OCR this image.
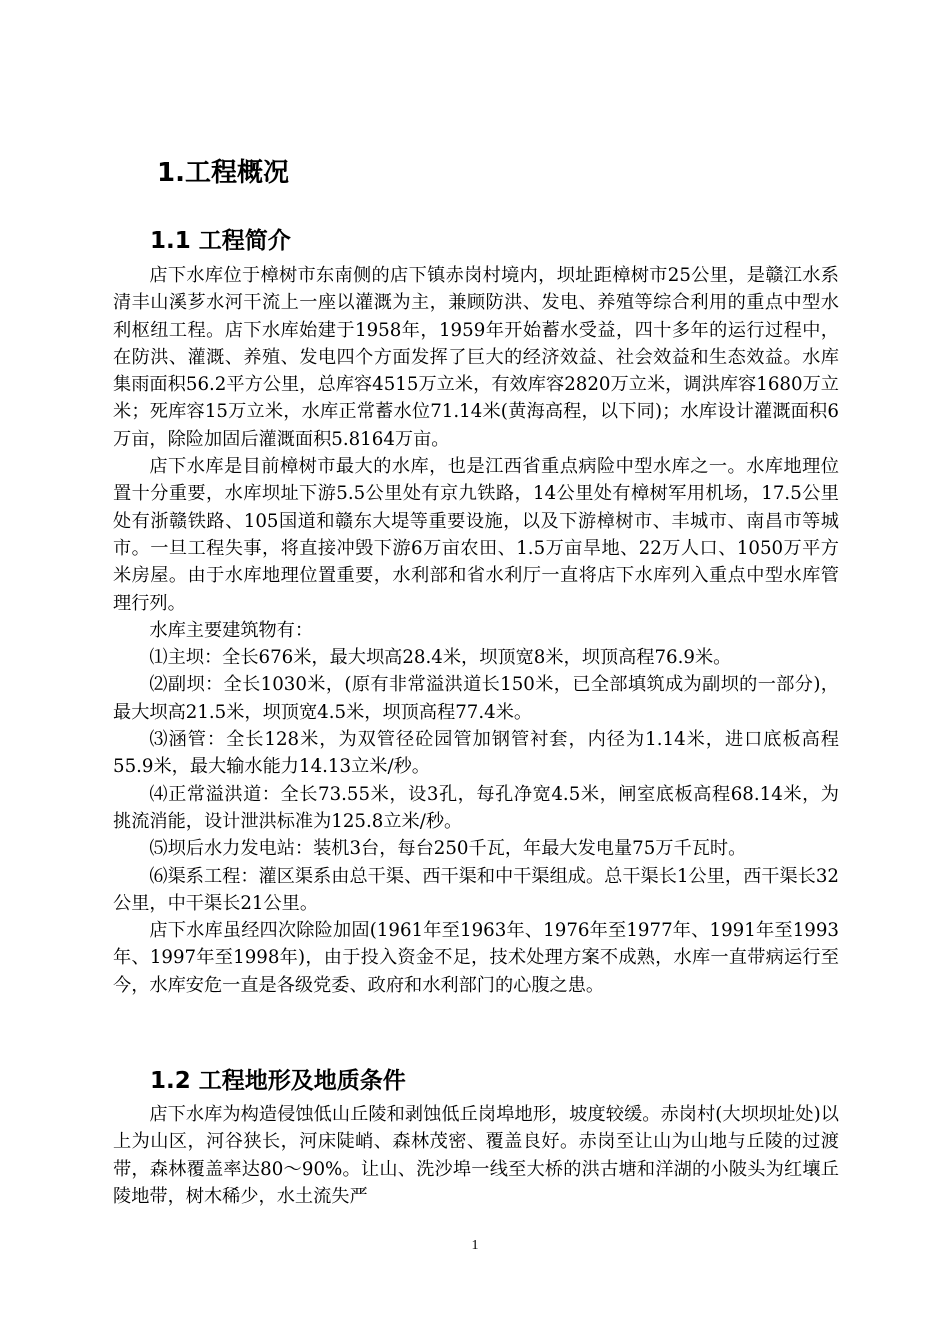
1.工程概况
1.1 工程简介

店下水库位于樟树市东南侧的店下镇赤岗村境内，坝址距樟树市25公里，是赣江水系清丰山溪芗水河干流上一座以灌溉为主，兼顾防洪、发电、养殖等综合利用的重点中型水利枢纽工程。店下水库始建于1958年，1959年开始蓄水受益，四十多年的运行过程中，在防洪、灌溉、养殖、发电四个方面发挥了巨大的经济效益、社会效益和生态效益。水库集雨面积56.2平方公里，总库容4515万立米，有效库容2820万立米，调洪库容1680万立米；死库容15万立米，水库正常蓄水位71.14米(黄海高程，以下同)；水库设计灌溉面积6万亩，除险加固后灌溉面积5.8164万亩。

店下水库是目前樟树市最大的水库，也是江西省重点病险中型水库之一。水库地理位置十分重要，水库坝址下游5.5公里处有京九铁路，14公里处有樟树军用机场，17.5公里处有浙赣铁路、105国道和赣东大堤等重要设施，以及下游樟树市、丰城市、南昌市等城市。一旦工程失事，将直接冲毁下游6万亩农田、1.5万亩旱地、22万人口、1050万平方米房屋。由于水库地理位置重要，水利部和省水利厅一直将店下水库列入重点中型水库管理行列。

水库主要建筑物有：

⑴主坝：全长676米，最大坝高28.4米，坝顶宽8米，坝顶高程76.9米。

⑵副坝：全长1030米，(原有非常溢洪道长150米，已全部填筑成为副坝的一部分)，最大坝高21.5米，坝顶宽4.5米，坝顶高程77.4米。

⑶涵管：全长128米，为双管径砼园管加钢管衬套，内径为1.14米，进口底板高程55.9米，最大输水能力14.13立米/秒。

⑷正常溢洪道：全长73.55米，设3孔，每孔净宽4.5米，闸室底板高程68.14米，为挑流消能，设计泄洪标准为125.8立米/秒。

⑸坝后水力发电站：装机3台，每台250千瓦，年最大发电量75万千瓦时。

⑹渠系工程：灌区渠系由总干渠、西干渠和中干渠组成。总干渠长1公里，西干渠长32公里，中干渠长21公里。

店下水库虽经四次除险加固(1961年至1963年、1976年至1977年、1991年至1993年、1997年至1998年)，由于投入资金不足，技术处理方案不成熟，水库一直带病运行至今，水库安危一直是各级党委、政府和水利部门的心腹之患。

1.2 工程地形及地质条件

店下水库为构造侵蚀低山丘陵和剥蚀低丘岗埠地形，坡度较缓。赤岗村(大坝坝址处)以上为山区，河谷狭长，河床陡峭、森林茂密、覆盖良好。赤岗至让山为山地与丘陵的过渡带，森林覆盖率达80～90%。让山、洗沙埠一线至大桥的洪古塘和洋湖的小陂头为红壤丘陵地带，树木稀少，水土流失严

1
